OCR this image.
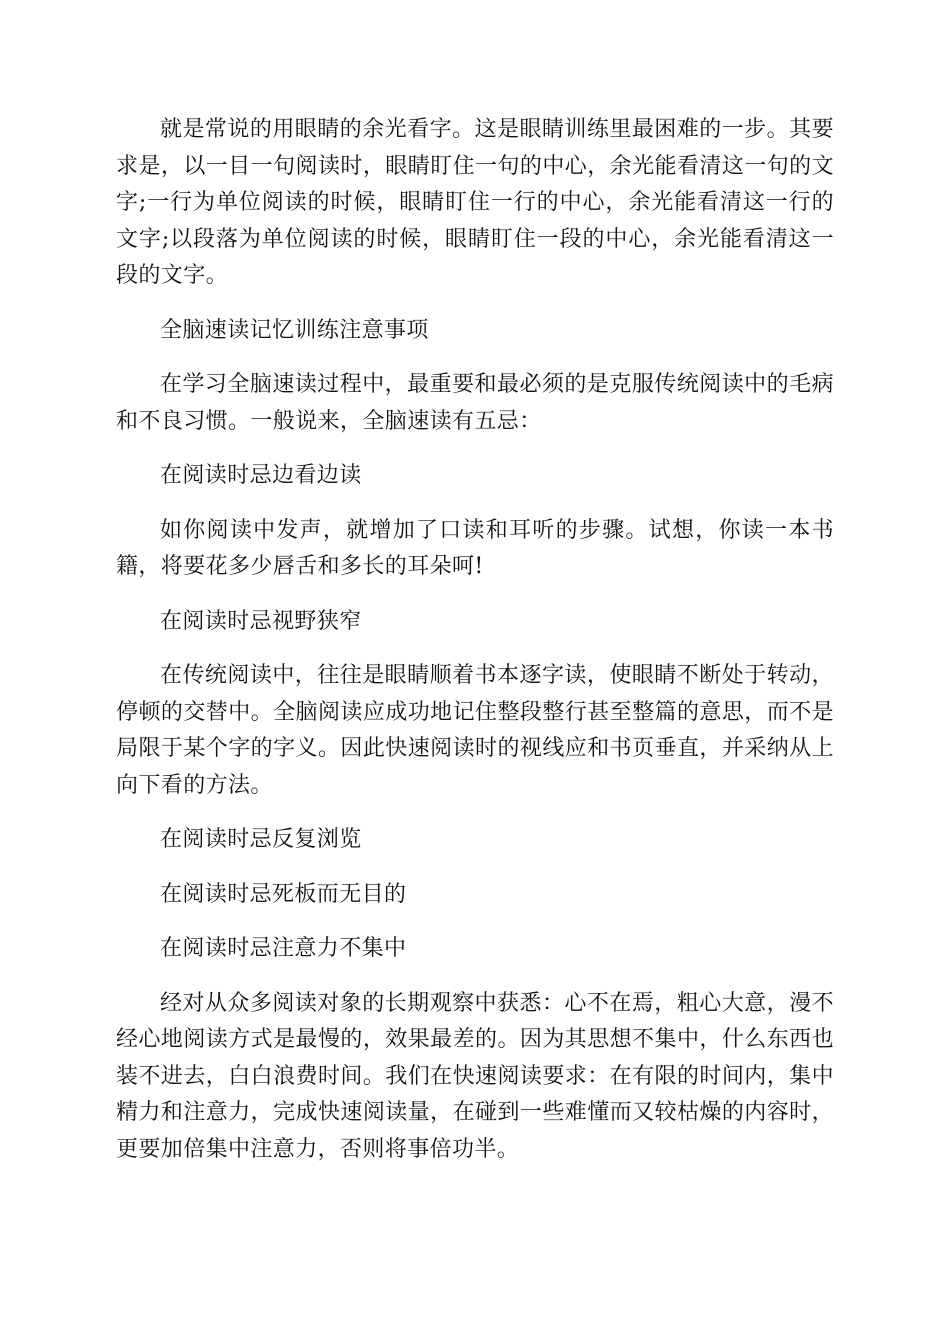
就是常说的用眼睛的余光看字。这是眼睛训练里最困难的一步。其要求是，以一目一句阅读时，眼睛盯住一句的中心，余光能看清这一句的文字;一行为单位阅读的时候，眼睛盯住一行的中心，余光能看清这一行的文字;以段落为单位阅读的时候，眼睛盯住一段的中心，余光能看清这一段的文字。

全脑速读记忆训练注意事项

在学习全脑速读过程中，最重要和最必须的是克服传统阅读中的毛病和不良习惯。一般说来，全脑速读有五忌：

在阅读时忌边看边读

如你阅读中发声，就增加了口读和耳听的步骤。试想，你读一本书籍，将要花多少唇舌和多长的耳朵呵!

在阅读时忌视野狭窄

在传统阅读中，往往是眼睛顺着书本逐字读，使眼睛不断处于转动，停顿的交替中。全脑阅读应成功地记住整段整行甚至整篇的意思，而不是局限于某个字的字义。因此快速阅读时的视线应和书页垂直，并采纳从上向下看的方法。

在阅读时忌反复浏览

在阅读时忌死板而无目的

在阅读时忌注意力不集中

经对从众多阅读对象的长期观察中获悉：心不在焉，粗心大意，漫不经心地阅读方式是最慢的，效果最差的。因为其思想不集中，什么东西也装不进去，白白浪费时间。我们在快速阅读要求：在有限的时间内，集中精力和注意力，完成快速阅读量，在碰到一些难懂而又较枯燥的内容时，更要加倍集中注意力，否则将事倍功半。
